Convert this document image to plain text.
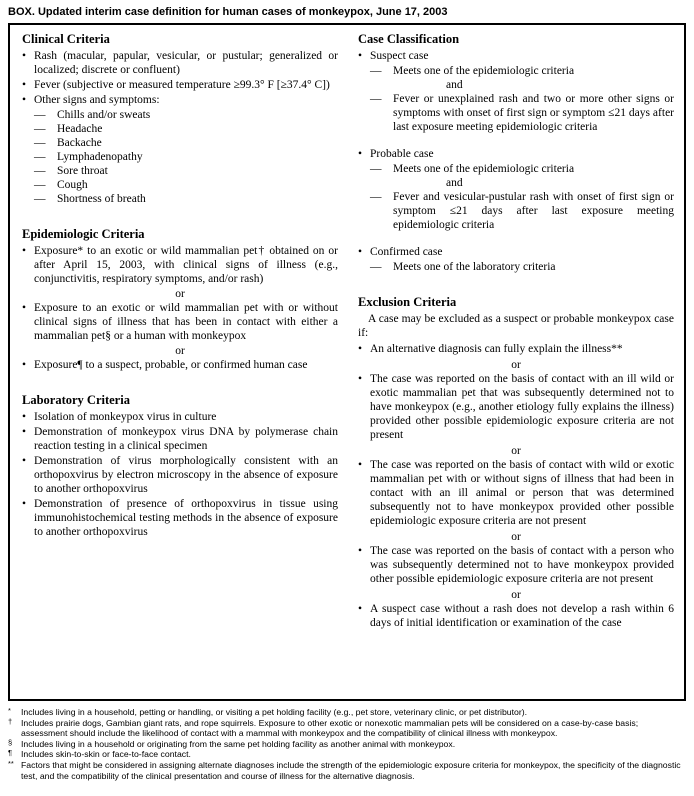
BOX. Updated interim case definition for human cases of monkeypox, June 17, 2003
Clinical Criteria
• Rash (macular, papular, vesicular, or pustular; generalized or localized; discrete or confluent)
• Fever (subjective or measured temperature ≥99.3° F [≥37.4° C])
• Other signs and symptoms:
—	Chills and/or sweats
—	Headache
—	Backache
—	Lymphadenopathy
—	Sore throat
—	Cough
—	Shortness of breath
Epidemiologic Criteria
• Exposure* to an exotic or wild mammalian pet† obtained on or after April 15, 2003, with clinical signs of illness (e.g., conjunctivitis, respiratory symptoms, and/or rash)
or
• Exposure to an exotic or wild mammalian pet with or without clinical signs of illness that has been in contact with either a mammalian pet§ or a human with monkeypox
or
• Exposure¶ to a suspect, probable, or confirmed human case
Laboratory Criteria
• Isolation of monkeypox virus in culture
• Demonstration of monkeypox virus DNA by polymerase chain reaction testing in a clinical specimen
• Demonstration of virus morphologically consistent with an orthopoxvirus by electron microscopy in the absence of exposure to another orthopoxvirus
• Demonstration of presence of orthopoxvirus in tissue using immunohistochemical testing methods in the absence of exposure to another orthopoxvirus
Case Classification
• Suspect case
—	Meets one of the epidemiologic criteria
and
—	Fever or unexplained rash and two or more other signs or symptoms with onset of first sign or symptom ≤21 days after last exposure meeting epidemiologic criteria
• Probable case
—	Meets one of the epidemiologic criteria
and
—	Fever and vesicular-pustular rash with onset of first sign or symptom ≤21 days after last exposure meeting epidemiologic criteria
• Confirmed case
—	Meets one of the laboratory criteria
Exclusion Criteria
A case may be excluded as a suspect or probable monkeypox case if:
• An alternative diagnosis can fully explain the illness**
or
• The case was reported on the basis of contact with an ill wild or exotic mammalian pet that was subsequently determined not to have monkeypox (e.g., another etiology fully explains the illness) provided other possible epidemiologic exposure criteria are not present
or
• The case was reported on the basis of contact with wild or exotic mammalian pet with or without signs of illness that had been in contact with an ill animal or person that was determined subsequently not to have monkeypox provided other possible epidemiologic exposure criteria are not present
or
• The case was reported on the basis of contact with a person who was subsequently determined not to have monkeypox provided other possible epidemiologic exposure criteria are not present
or
• A suspect case without a rash does not develop a rash within 6 days of initial identification or examination of the case
*	Includes living in a household, petting or handling, or visiting a pet holding facility (e.g., pet store, veterinary clinic, or pet distributor).
†	Includes prairie dogs, Gambian giant rats, and rope squirrels. Exposure to other exotic or nonexotic mammalian pets will be considered on a case-by-case basis; assessment should include the likelihood of contact with a mammal with monkeypox and the compatibility of clinical illness with monkeypox.
§	Includes living in a household or originating from the same pet holding facility as another animal with monkeypox.
¶	Includes skin-to-skin or face-to-face contact.
** Factors that might be considered in assigning alternate diagnoses include the strength of the epidemiologic exposure criteria for monkeypox, the specificity of the diagnostic test, and the compatibility of the clinical presentation and course of illness for the alternative diagnosis.
